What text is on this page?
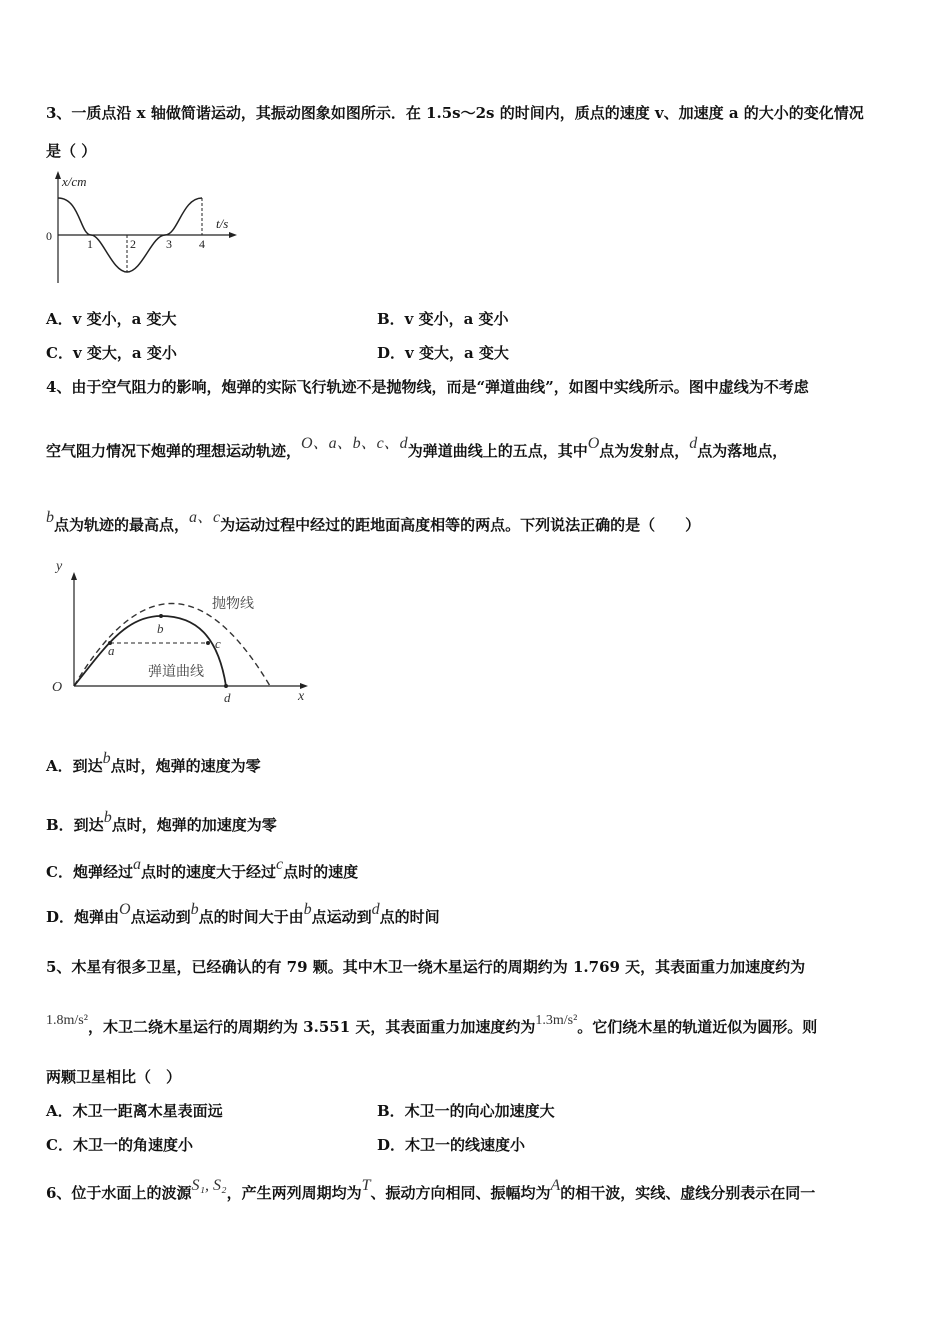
3、一质点沿 x 轴做简谐运动，其振动图象如图所示．在 1.5s～2s 的时间内，质点的速度 v、加速度 a 的大小的变化情况
是（ ）
x/cm
t/s
0
1	2	3 4
A．v 变小，a 变大	B．v 变小，a 变小
C．v 变大，a 变小	D．v 变大，a 变大
4、由于空气阻力的影响，炮弹的实际飞行轨迹不是抛物线，而是“弹道曲线”，如图中实线所示。图中虚线为不考虑
空气阻力情况下炮弹的理想运动轨迹，O、a、b、c、d为弹道曲线上的五点，其中O点为发射点，d点为落地点，
b点为轨迹的最高点，a、c为运动过程中经过的距地面高度相等的两点。下列说法正确的是（　　）
y
x
O
a
b
c
d
抛物线
弹道曲线
A．到达b点时，炮弹的速度为零
B．到达b点时，炮弹的加速度为零
C．炮弹经过a点时的速度大于经过c点时的速度
D．炮弹由O点运动到b点的时间大于由b点运动到d点的时间
5、木星有很多卫星，已经确认的有 79 颗。其中木卫一绕木星运行的周期约为 1.769 天，其表面重力加速度约为
1.8m/s²，木卫二绕木星运行的周期约为 3.551 天，其表面重力加速度约为1.3m/s²。它们绕木星的轨道近似为圆形。则
两颗卫星相比（　）
A．木卫一距离木星表面远	B．木卫一的向心加速度大
C．木卫一的角速度小	D．木卫一的线速度小
6、位于水面上的波源S₁, S₂，产生两列周期均为T、振动方向相同、振幅均为A的相干波，实线、虚线分别表示在同一
